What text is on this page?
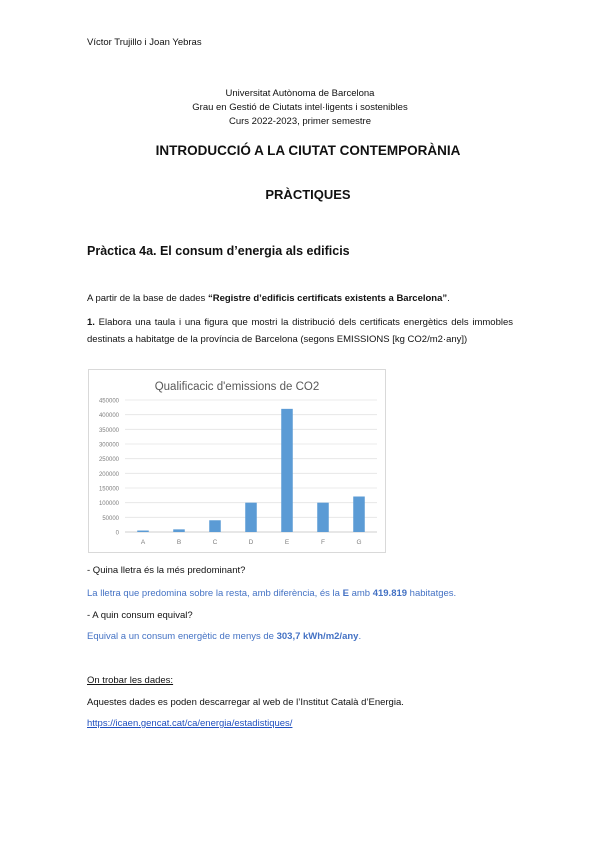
Víctor Trujillo i Joan Yebras
Universitat Autònoma de Barcelona
Grau en Gestió de Ciutats intel·ligents i sostenibles
Curs 2022-2023, primer semestre
INTRODUCCIÓ A LA CIUTAT CONTEMPORÀNIA
PRÀCTIQUES
Pràctica 4a. El consum d’energia als edificis
A partir de la base de dades “Registre d’edificis certificats existents a Barcelona”.
1. Elabora una taula i una figura que mostri la distribució dels certificats energètics dels immobles destinats a habitatge de la província de Barcelona (segons EMISSIONS [kg CO2/m2·any])
Qualificacic d'emissions de CO2
0
50000
100000
150000
200000
250000
300000
350000
400000
450000
A	B	C	D	E	F	G
- Quina lletra és la més predominant?
La lletra que predomina sobre la resta, amb diferència, és la E amb 419.819 habitatges.
- A quin consum equival?
Equival a un consum energètic de menys de 303,7 kWh/m2/any.
On trobar les dades:
Aquestes dades es poden descarregar al web de l’Institut Català d’Energia.
https://icaen.gencat.cat/ca/energia/estadistiques/
